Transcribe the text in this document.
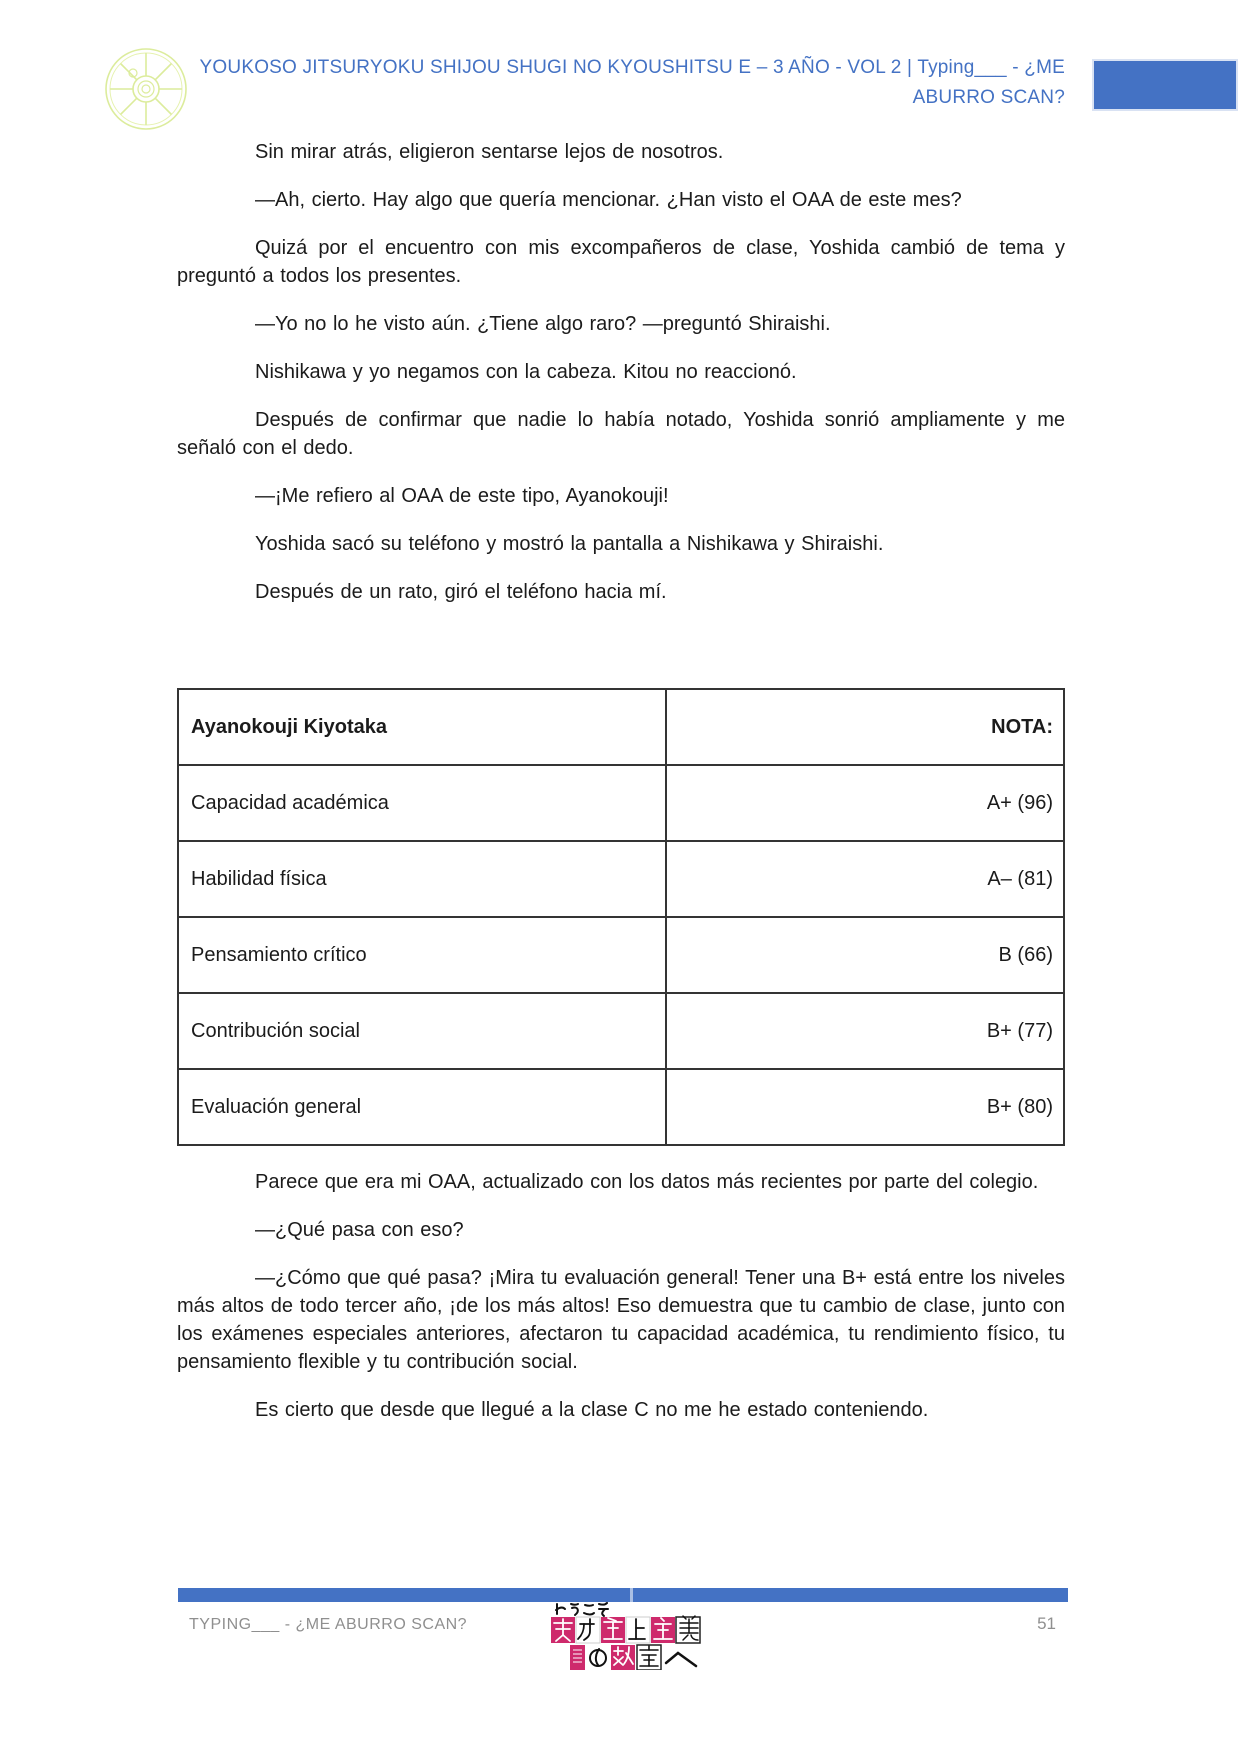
YOUKOSO JITSURYOKU SHIJOU SHUGI NO KYOUSHITSU E – 3 AÑO - VOL 2 | Typing___ - ¿ME
ABURRO SCAN?

Sin mirar atrás, eligieron sentarse lejos de nosotros.

—Ah, cierto. Hay algo que quería mencionar. ¿Han visto el OAA de este mes?

Quizá por el encuentro con mis excompañeros de clase, Yoshida cambió de tema y preguntó a todos los presentes.

—Yo no lo he visto aún. ¿Tiene algo raro? —preguntó Shiraishi.

Nishikawa y yo negamos con la cabeza. Kitou no reaccionó.

Después de confirmar que nadie lo había notado, Yoshida sonrió ampliamente y me señaló con el dedo.

—¡Me refiero al OAA de este tipo, Ayanokouji!

Yoshida sacó su teléfono y mostró la pantalla a Nishikawa y Shiraishi.

Después de un rato, giró el teléfono hacia mí.

Ayanokouji Kiyotaka	NOTA:
Capacidad académica	A+ (96)
Habilidad física	A– (81)
Pensamiento crítico	B (66)
Contribución social	B+ (77)
Evaluación general	B+ (80)

Parece que era mi OAA, actualizado con los datos más recientes por parte del colegio.

—¿Qué pasa con eso?

—¿Cómo que qué pasa? ¡Mira tu evaluación general! Tener una B+ está entre los niveles más altos de todo tercer año, ¡de los más altos! Eso demuestra que tu cambio de clase, junto con los exámenes especiales anteriores, afectaron tu capacidad académica, tu rendimiento físico, tu pensamiento flexible y tu contribución social.

Es cierto que desde que llegué a la clase C no me he estado conteniendo.

TYPING___ - ¿ME ABURRO SCAN?	51
